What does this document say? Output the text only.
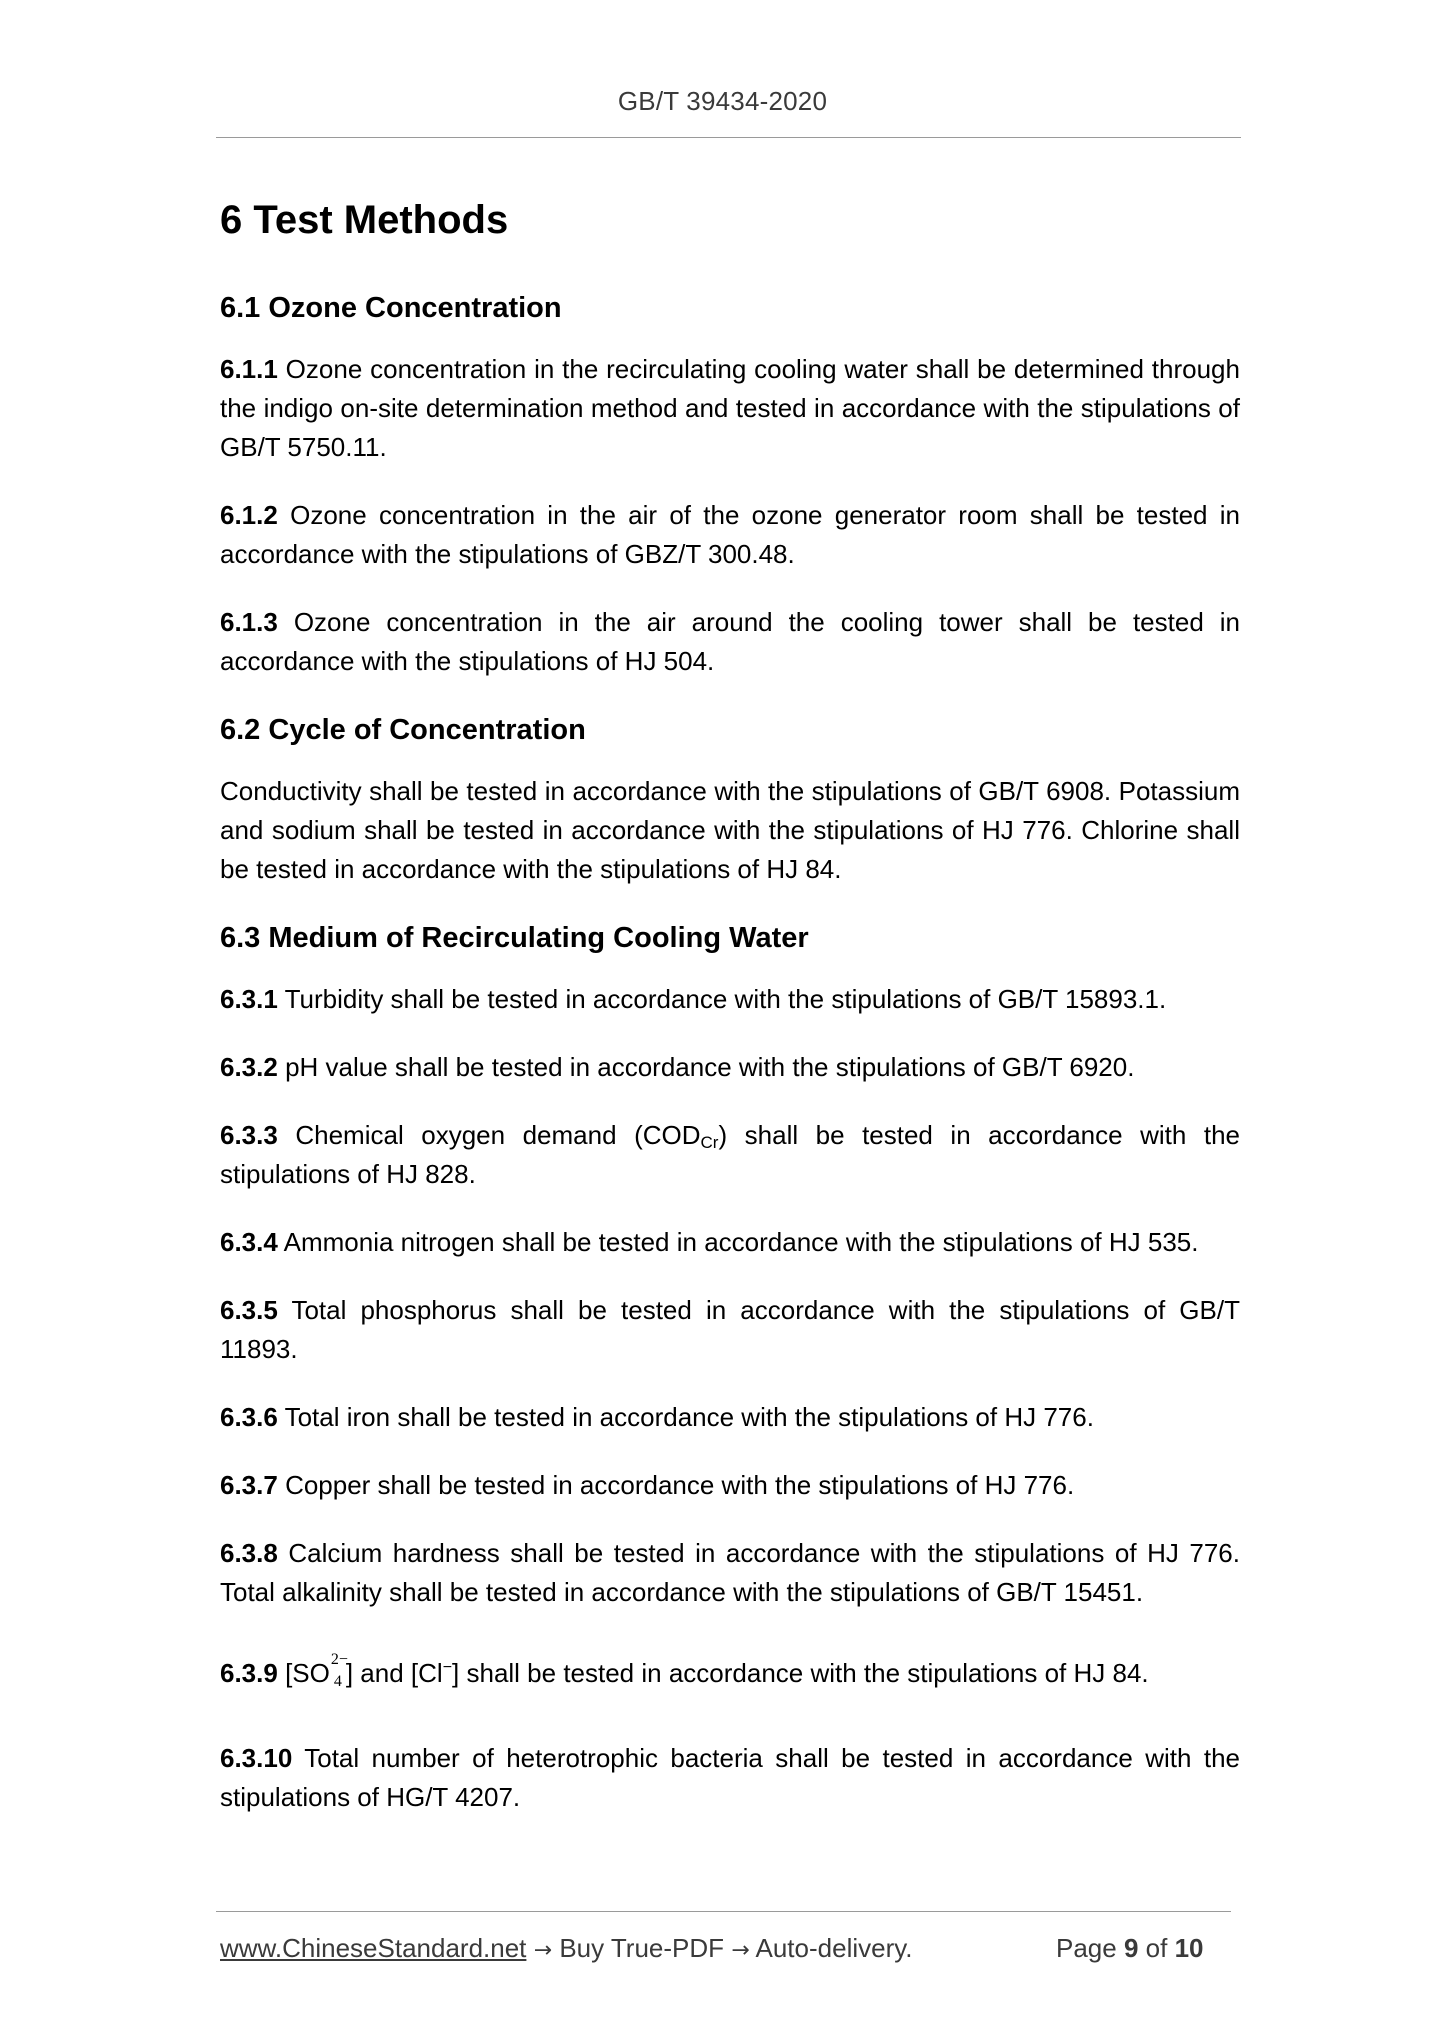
GB/T 39434-2020
6 Test Methods
6.1 Ozone Concentration

6.1.1 Ozone concentration in the recirculating cooling water shall be determined through the indigo on-site determination method and tested in accordance with the stipulations of GB/T 5750.11.

6.1.2 Ozone concentration in the air of the ozone generator room shall be tested in accordance with the stipulations of GBZ/T 300.48.

6.1.3 Ozone concentration in the air around the cooling tower shall be tested in accordance with the stipulations of HJ 504.

6.2 Cycle of Concentration

Conductivity shall be tested in accordance with the stipulations of GB/T 6908. Potassium and sodium shall be tested in accordance with the stipulations of HJ 776. Chlorine shall be tested in accordance with the stipulations of HJ 84.

6.3 Medium of Recirculating Cooling Water

6.3.1 Turbidity shall be tested in accordance with the stipulations of GB/T 15893.1.

6.3.2 pH value shall be tested in accordance with the stipulations of GB/T 6920.

6.3.3 Chemical oxygen demand $(COD_{Cr})$ shall be tested in accordance with the stipulations of HJ 828.

6.3.4 Ammonia nitrogen shall be tested in accordance with the stipulations of HJ 535.

6.3.5 Total phosphorus shall be tested in accordance with the stipulations of GB/T 11893.

6.3.6 Total iron shall be tested in accordance with the stipulations of HJ 776.

6.3.7 Copper shall be tested in accordance with the stipulations of HJ 776.

6.3.8 Calcium hardness shall be tested in accordance with the stipulations of HJ 776. Total alkalinity shall be tested in accordance with the stipulations of GB/T 15451.

6.3.9 [SO 2−
4 ] and [Cl−] shall be tested in accordance with the stipulations of HJ 84.

6.3.10 Total number of heterotrophic bacteria shall be tested in accordance with the stipulations of HG/T 4207.

www.ChineseStandard.net → Buy True-PDF → Auto-delivery.	Page 9 of 10
